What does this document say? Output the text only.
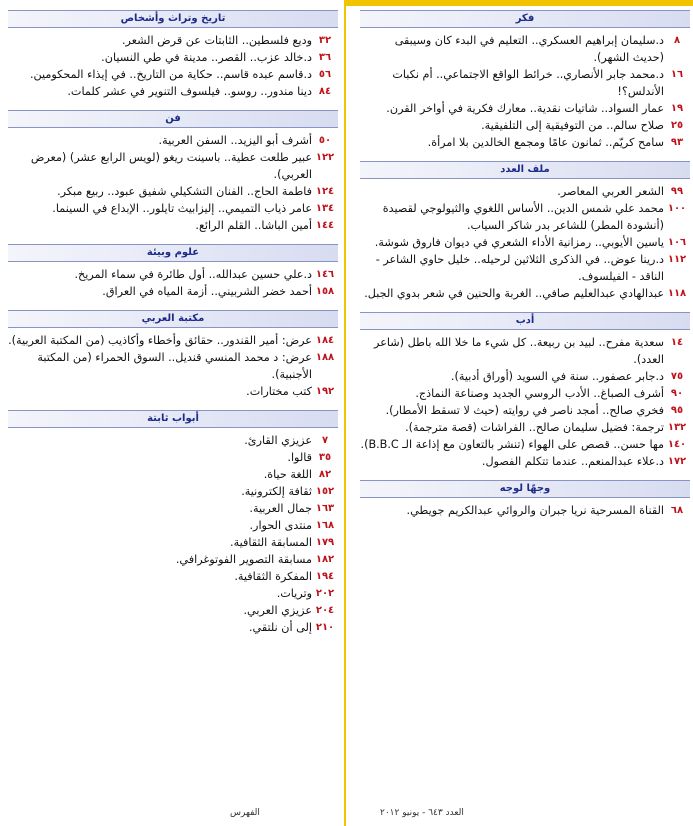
تاريخ وتراث وأشخاص
٣٢
وديع فلسطين.. الثابتات عن قرض الشعر.
٣٦
د.خالد عزب.. القصر.. مدينة في طي النسيان.
٥٦
د.قاسم عبده قاسم.. حكاية من التاريخ.. في إيذاء المحكومين.
٨٤
دينا مندور.. روسو.. فيلسوف التنوير في عشر كلمات.
فن
٥٠
أشرف أبو اليزيد.. السفن العربية.
١٢٢
عبير طلعت عطية.. باسينت ريغو (لويس الرابع عشر) (معرض العربي).
١٢٤
فاطمة الحاج.. الفنان التشكيلي شفيق عبود.. ربيع مبكر.
١٣٤
عامر ذياب التميمي.. إليزابيث تايلور.. الإبداع في السينما.
١٤٤
أمين الباشا.. القلم الرائع.
علوم وبيئة
١٤٦
د.علي حسين عبدالله.. أول طائرة في سماء المريخ.
١٥٨
أحمد خضر الشربيني.. أزمة المياه في العراق.
مكتبة العربي
١٨٤
عرض: أمير القندور.. حقائق وأخطاء وأكاذيب (من المكتبة العربية).
١٨٨
عرض: د محمد المنسي قنديل.. السوق الحمراء (من المكتبة الأجنبية).
١٩٢
كتب مختارات.
أبواب ثابتة
٧
عزيزي القارئ.
٣٥
قالوا.
٨٢
اللغة حياة.
١٥٢
ثقافة إلكترونية.
١٦٣
جمال العربية.
١٦٨
منتدى الحوار.
١٧٩
المسابقة الثقافية.
١٨٢
مسابقة التصوير الفوتوغرافي.
١٩٤
المفكرة الثقافية.
٢٠٢
وتريات.
٢٠٤
عزيزي العربي.
٢١٠
إلى أن نلتقي.
فكر
٨
د.سليمان إبراهيم العسكري.. التعليم في البدء كان وسيبقى (حديث الشهر).
١٦
د.محمد جابر الأنصاري.. خرائط الواقع الاجتماعي.. أم نكبات الأندلس؟!
١٩
عمار السواد.. شاتيات نقدية.. معارك فكرية في أواخر القرن.
٢٥
صلاح سالم.. من التوفيقية إلى التلفيقية.
٩٣
سامح كريّم.. ثمانون عامًا ومجمع الخالدين بلا امرأة.
ملف العدد
٩٩
الشعر العربي المعاصر.
١٠٠
محمد علي شمس الدين.. الأساس اللغوي والثيولوجي لقصيدة (أنشودة المطر) للشاعر بدر شاكر السياب.
١٠٦
ياسين الأيوبي.. رمزانية الأداء الشعري في ديوان فاروق شوشة.
١١٢
د.رينا عوض.. في الذكرى الثلاثين لرحيله.. خليل حاوي الشاعر - الناقد - الفيلسوف.
١١٨
عبدالهادي عبدالعليم صافي.. الغربة والحنين في شعر بدوي الجبل.
أدب
١٤
سعدية مفرح.. لبيد بن ربيعة.. كل شيء ما خلا الله باطل (شاعر العدد).
٧٥
د.جابر عصفور.. سنة في السويد (أوراق أدبية).
٩٠
أشرف الصباغ.. الأدب الروسي الجديد وصناعة النماذج.
٩٥
فخري صالح.. أمجد ناصر في روايته (حيث لا تسقط الأمطار).
١٣٢
ترجمة: فضيل سليمان صالح.. الفراشات (قصة مترجمة).
١٤٠
مها حسن.. قصص على الهواء (تنشر بالتعاون مع إذاعة الـ B.B.C).
١٧٢
د.علاء عبدالمنعم.. عندما تتكلم الفصول.
وجهًا لوجه
٦٨
القناة المسرحية نريا جبران والروائي عبدالكريم جويطي.
الفهرس	العدد ٦٤٣ - يونيو ٢٠١٢
